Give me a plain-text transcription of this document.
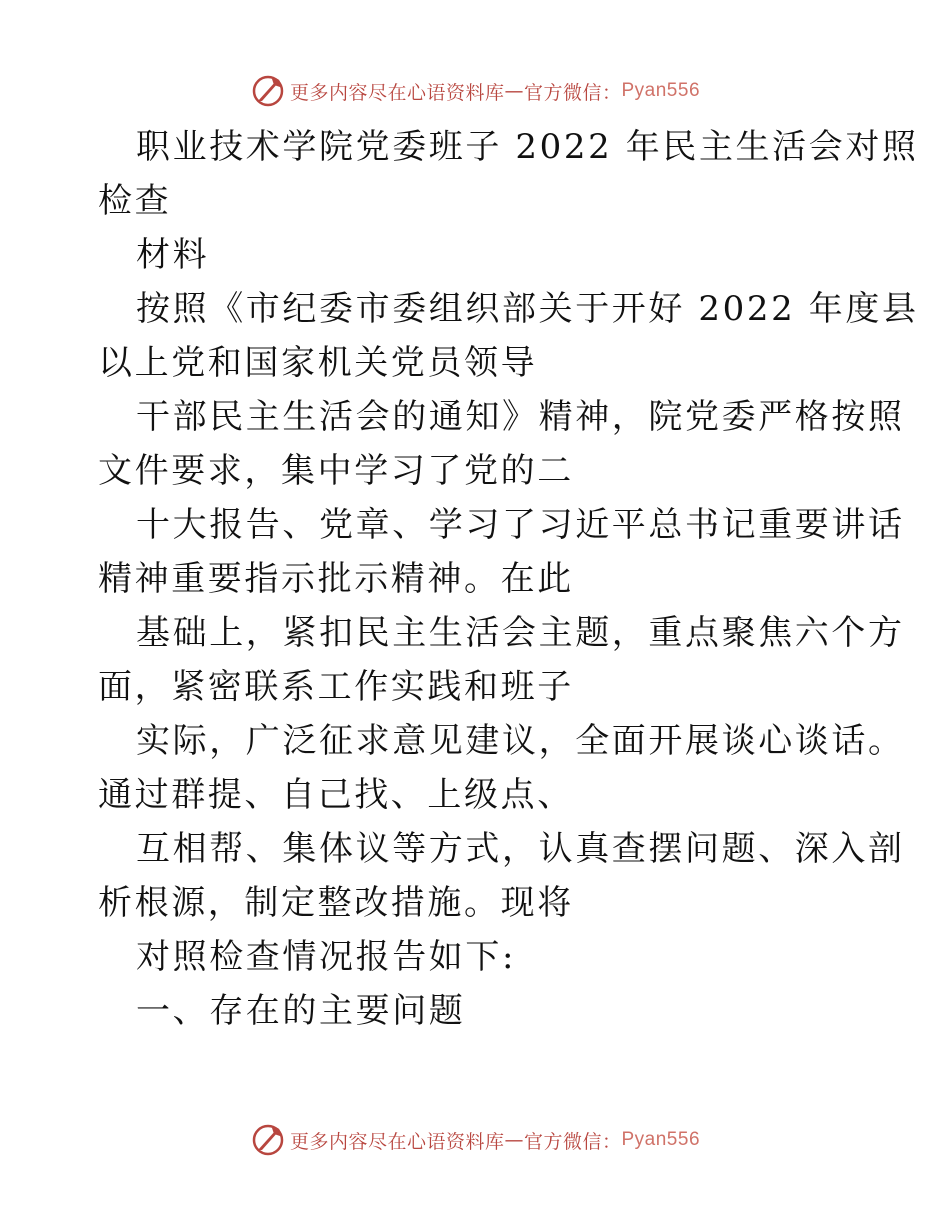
更多内容尽在心语资料库 — 官方微信： Pyan556
职业技术学院党委班子 2022 年民主生活会对照
检查
材料
按照《市纪委市委组织部关于开好 2022 年度县
以上党和国家机关党员领导
干部民主生活会的通知》精神，院党委严格按照
文件要求，集中学习了党的二
十大报告、党章、学习了习近平总书记重要讲话
精神重要指示批示精神。在此
基础上，紧扣民主生活会主题，重点聚焦六个方
面，紧密联系工作实践和班子
实际，广泛征求意见建议，全面开展谈心谈话。
通过群提、自己找、上级点、
互相帮、集体议等方式，认真查摆问题、深入剖
析根源，制定整改措施。现将
对照检查情况报告如下:
一、存在的主要问题
更多内容尽在心语资料库 — 官方微信： Pyan556
